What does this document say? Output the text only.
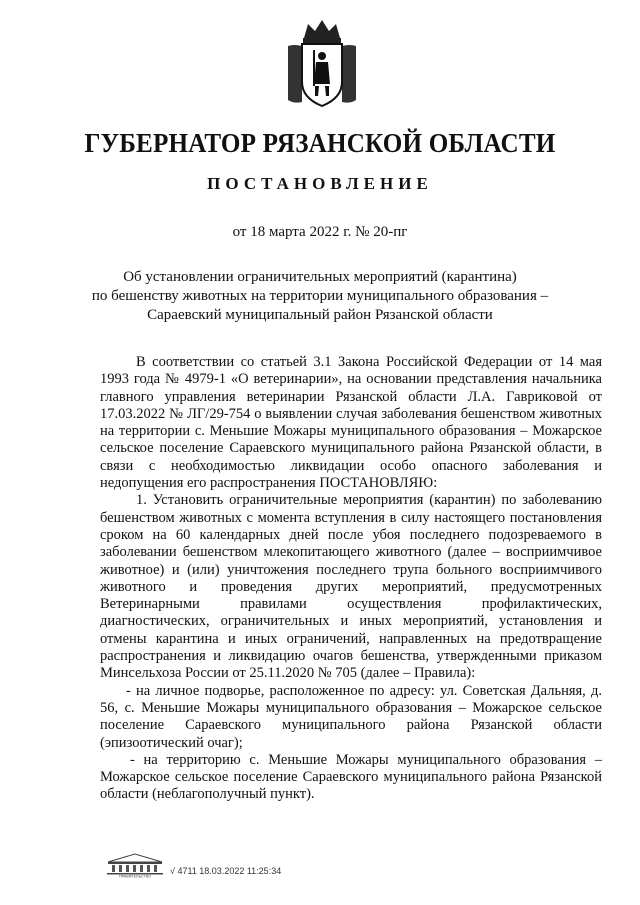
ГУБЕРНАТОР РЯЗАНСКОЙ ОБЛАСТИ
ПОСТАНОВЛЕНИЕ
от 18 марта 2022 г. № 20-пг
Об установлении ограничительных мероприятий (карантина)
по бешенству животных на территории муниципального образования –
Сараевский муниципальный район Рязанской области

В соответствии со статьей 3.1 Закона Российской Федерации от 14 мая 1993 года № 4979-1 «О ветеринарии», на основании представления начальника главного управления ветеринарии Рязанской области Л.А. Гавриковой от 17.03.2022 № ЛГ/29-754 о выявлении случая заболевания бешенством животных на территории с. Меньшие Можары муниципального образования – Можарское сельское поселение Сараевского муниципального района Рязанской области, в связи с необходимостью ликвидации особо опасного заболевания и недопущения его распространения ПОСТАНОВЛЯЮ:

1. Установить ограничительные мероприятия (карантин) по заболеванию бешенством животных с момента вступления в силу настоящего постановления сроком на 60 календарных дней после убоя последнего подозреваемого в заболевании бешенством млекопитающего животного (далее – восприимчивое животное) и (или) уничтожения последнего трупа больного восприимчивого животного и проведения других мероприятий, предусмотренных Ветеринарными правилами осуществления профилактических, диагностических, ограничительных и иных мероприятий, установления и отмены карантина и иных ограничений, направленных на предотвращение распространения и ликвидацию очагов бешенства, утвержденными приказом Минсельхоза России от 25.11.2020 № 705 (далее – Правила):

- на личное подворье, расположенное по адресу: ул. Советская Дальняя, д. 56, с. Меньшие Можары муниципального образования – Можарское сельское поселение Сараевского муниципального района Рязанской области (эпизоотический очаг);

- на территорию с. Меньшие Можары муниципального образования – Можарское сельское поселение Сараевского муниципального района Рязанской области (неблагополучный пункт).

ПРАВИТЕЛЬСТВО
√ 4711 18.03.2022 11:25:34
